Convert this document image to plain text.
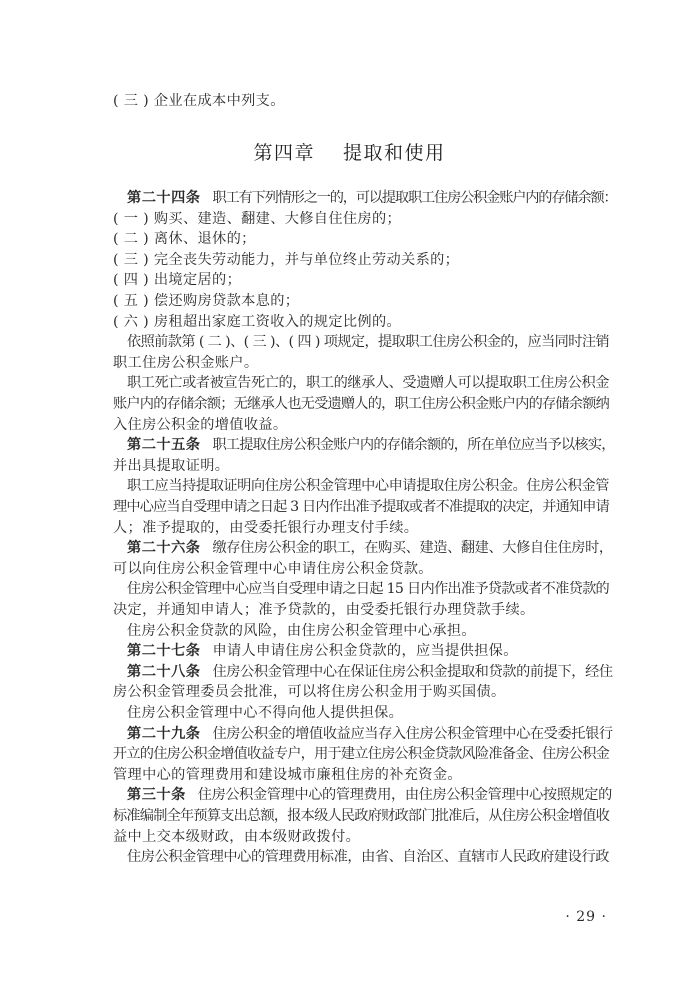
( 三 ) 企业在成本中列支。
第四章 提取和使用
第二十四条 职工有下列情形之一的，可以提取职工住房公积金账户内的存储余额：
( 一 ) 购买、建造、翻建、大修自住住房的；
( 二 ) 离休、退休的；
( 三 ) 完全丧失劳动能力，并与单位终止劳动关系的；
( 四 ) 出境定居的；
( 五 ) 偿还购房贷款本息的；
( 六 ) 房租超出家庭工资收入的规定比例的。
依照前款第 ( 二 )、( 三 )、( 四 ) 项规定，提取职工住房公积金的，应当同时注销
职工住房公积金账户。
职工死亡或者被宣告死亡的，职工的继承人、受遗赠人可以提取职工住房公积金
账户内的存储余额；无继承人也无受遗赠人的，职工住房公积金账户内的存储余额纳
入住房公积金的增值收益。
第二十五条 职工提取住房公积金账户内的存储余额的，所在单位应当予以核实，
并出具提取证明。
职工应当持提取证明向住房公积金管理中心申请提取住房公积金。住房公积金管
理中心应当自受理申请之日起 3 日内作出准予提取或者不准提取的决定，并通知申请
人；准予提取的，由受委托银行办理支付手续。
第二十六条 缴存住房公积金的职工，在购买、建造、翻建、大修自住住房时，
可以向住房公积金管理中心申请住房公积金贷款。
住房公积金管理中心应当自受理申请之日起 15 日内作出准予贷款或者不准贷款的
决定，并通知申请人；准予贷款的，由受委托银行办理贷款手续。
住房公积金贷款的风险，由住房公积金管理中心承担。
第二十七条 申请人申请住房公积金贷款的，应当提供担保。
第二十八条 住房公积金管理中心在保证住房公积金提取和贷款的前提下，经住
房公积金管理委员会批准，可以将住房公积金用于购买国债。
住房公积金管理中心不得向他人提供担保。
第二十九条 住房公积金的增值收益应当存入住房公积金管理中心在受委托银行
开立的住房公积金增值收益专户，用于建立住房公积金贷款风险准备金、住房公积金
管理中心的管理费用和建设城市廉租住房的补充资金。
第三十条 住房公积金管理中心的管理费用，由住房公积金管理中心按照规定的
标准编制全年预算支出总额，报本级人民政府财政部门批准后，从住房公积金增值收
益中上交本级财政，由本级财政拨付。
住房公积金管理中心的管理费用标准，由省、自治区、直辖市人民政府建设行政
· 29 ·
